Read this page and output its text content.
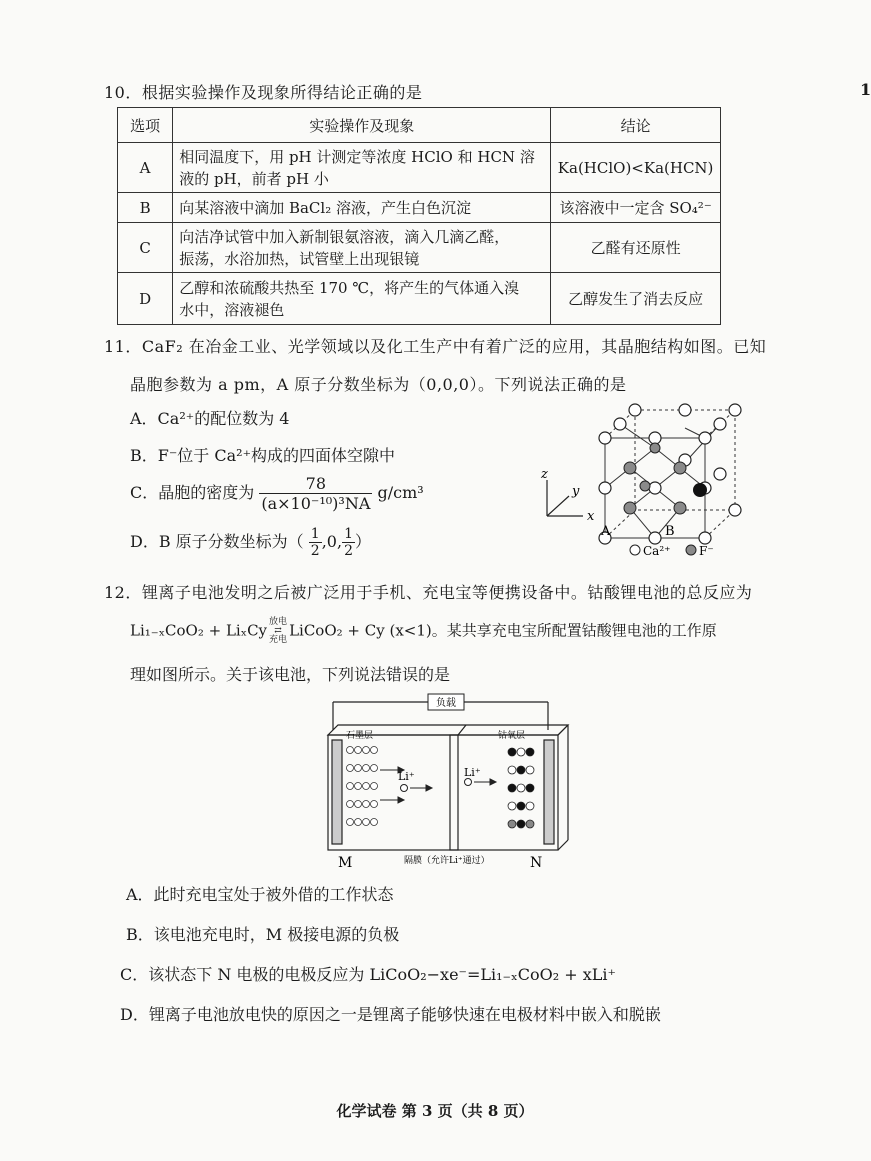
1
10．根据实验操作及现象所得结论正确的是
选项	实验操作及现象	结论
A	相同温度下，用 pH 计测定等浓度 HClO 和 HCN 溶
液的 pH，前者 pH 小	Ka(HClO)<Ka(HCN)
B	向某溶液中滴加 BaCl₂ 溶液，产生白色沉淀	该溶液中一定含 SO₄²⁻
C	向洁净试管中加入新制银氨溶液，滴入几滴乙醛，
振荡，水浴加热，试管壁上出现银镜	乙醛有还原性
D	乙醇和浓硫酸共热至 170 ℃，将产生的气体通入溴
水中，溶液褪色	乙醇发生了消去反应
11．CaF₂ 在冶金工业、光学领域以及化工生产中有着广泛的应用，其晶胞结构如图。已知
晶胞参数为 a pm，A 原子分数坐标为（0,0,0）。下列说法正确的是
A．Ca²⁺的配位数为 4
B．F⁻位于 Ca²⁺构成的四面体空隙中
C．晶胞的密度为 $\frac{78}{\text{(a×10⁻¹⁰)³NA}} g/cm^3$
D．B 原子分数坐标为（ $\frac{1}{2} ,0$, $\frac{1}{2}$ ）
z
y
x
A	B
Ca²⁺ F⁻
12．锂离子电池发明之后被广泛用于手机、充电宝等便携设备中。钴酸锂电池的总反应为
Li₁₋ₓCoO₂ + LiₓCy 放电
⇄
充电
LiCoO₂ + Cy (x<1)。某共享充电宝所配置钴酸锂电池的工作原
理如图所示。关于该电池，下列说法错误的是
负载
石墨层	钴氧层
Li⁺	Li⁺
M	隔膜（允许Li⁺通过）	N
A．此时充电宝处于被外借的工作状态
B．该电池充电时，M 极接电源的负极
C．该状态下 N 电极的电极反应为 LiCoO₂−xe⁻=Li₁₋ₓCoO₂ + xLi⁺
D．锂离子电池放电快的原因之一是锂离子能够快速在电极材料中嵌入和脱嵌
化学试卷 第 3 页（共 8 页）
